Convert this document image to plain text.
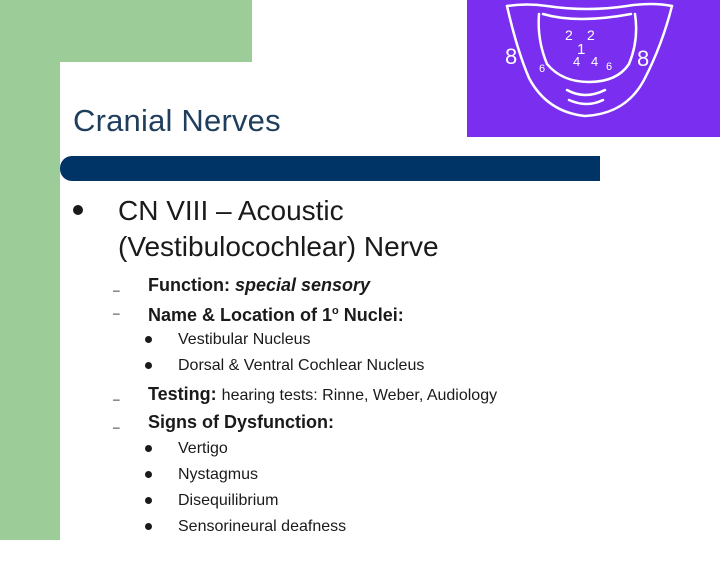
2 2
1
8 6 4 4 6 8
Cranial Nerves
CN VIII – Acoustic
(Vestibulocochlear) Nerve
– Function: special sensory
– Name & Location of 1$^o$ Nuclei:
Vestibular Nucleus
Dorsal & Ventral Cochlear Nucleus
– Testing: hearing tests: Rinne, Weber, Audiology
– Signs of Dysfunction:
Vertigo
Nystagmus
Disequilibrium
Sensorineural deafness
